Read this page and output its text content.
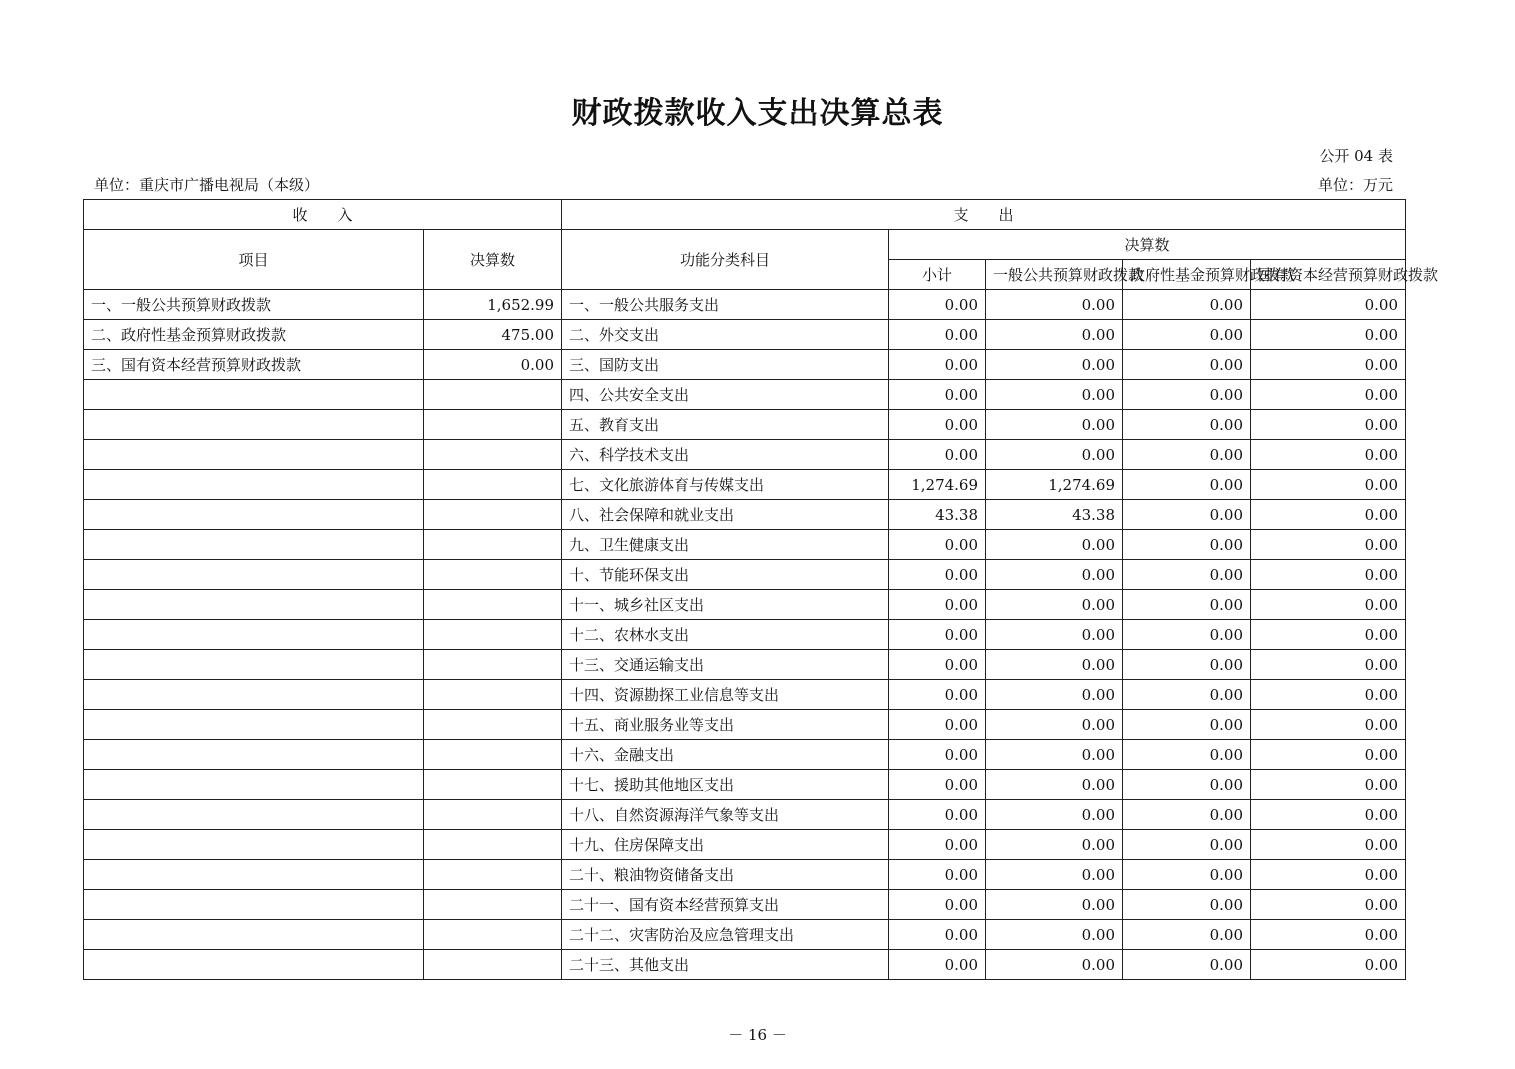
财政拨款收入支出决算总表
公开 04 表
单位：重庆市广播电视局（本级）	单位：万元
收　　入		支　　出				
项目	决算数	功能分类科目	决算数			
			小计	一般公共预算财政拨款	政府性基金预算财政拨款	国有资本经营预算财政拨款
一、一般公共预算财政拨款	1,652.99	一、一般公共服务支出	0.00	0.00	0.00	0.00
二、政府性基金预算财政拨款	475.00	二、外交支出	0.00	0.00	0.00	0.00
三、国有资本经营预算财政拨款	0.00	三、国防支出	0.00	0.00	0.00	0.00
		四、公共安全支出	0.00	0.00	0.00	0.00
		五、教育支出	0.00	0.00	0.00	0.00
		六、科学技术支出	0.00	0.00	0.00	0.00
		七、文化旅游体育与传媒支出	1,274.69	1,274.69	0.00	0.00
		八、社会保障和就业支出	43.38	43.38	0.00	0.00
		九、卫生健康支出	0.00	0.00	0.00	0.00
		十、节能环保支出	0.00	0.00	0.00	0.00
		十一、城乡社区支出	0.00	0.00	0.00	0.00
		十二、农林水支出	0.00	0.00	0.00	0.00
		十三、交通运输支出	0.00	0.00	0.00	0.00
		十四、资源勘探工业信息等支出	0.00	0.00	0.00	0.00
		十五、商业服务业等支出	0.00	0.00	0.00	0.00
		十六、金融支出	0.00	0.00	0.00	0.00
		十七、援助其他地区支出	0.00	0.00	0.00	0.00
		十八、自然资源海洋气象等支出	0.00	0.00	0.00	0.00
		十九、住房保障支出	0.00	0.00	0.00	0.00
		二十、粮油物资储备支出	0.00	0.00	0.00	0.00
		二十一、国有资本经营预算支出	0.00	0.00	0.00	0.00
		二十二、灾害防治及应急管理支出	0.00	0.00	0.00	0.00
		二十三、其他支出	0.00	0.00	0.00	0.00
－ 16 －
